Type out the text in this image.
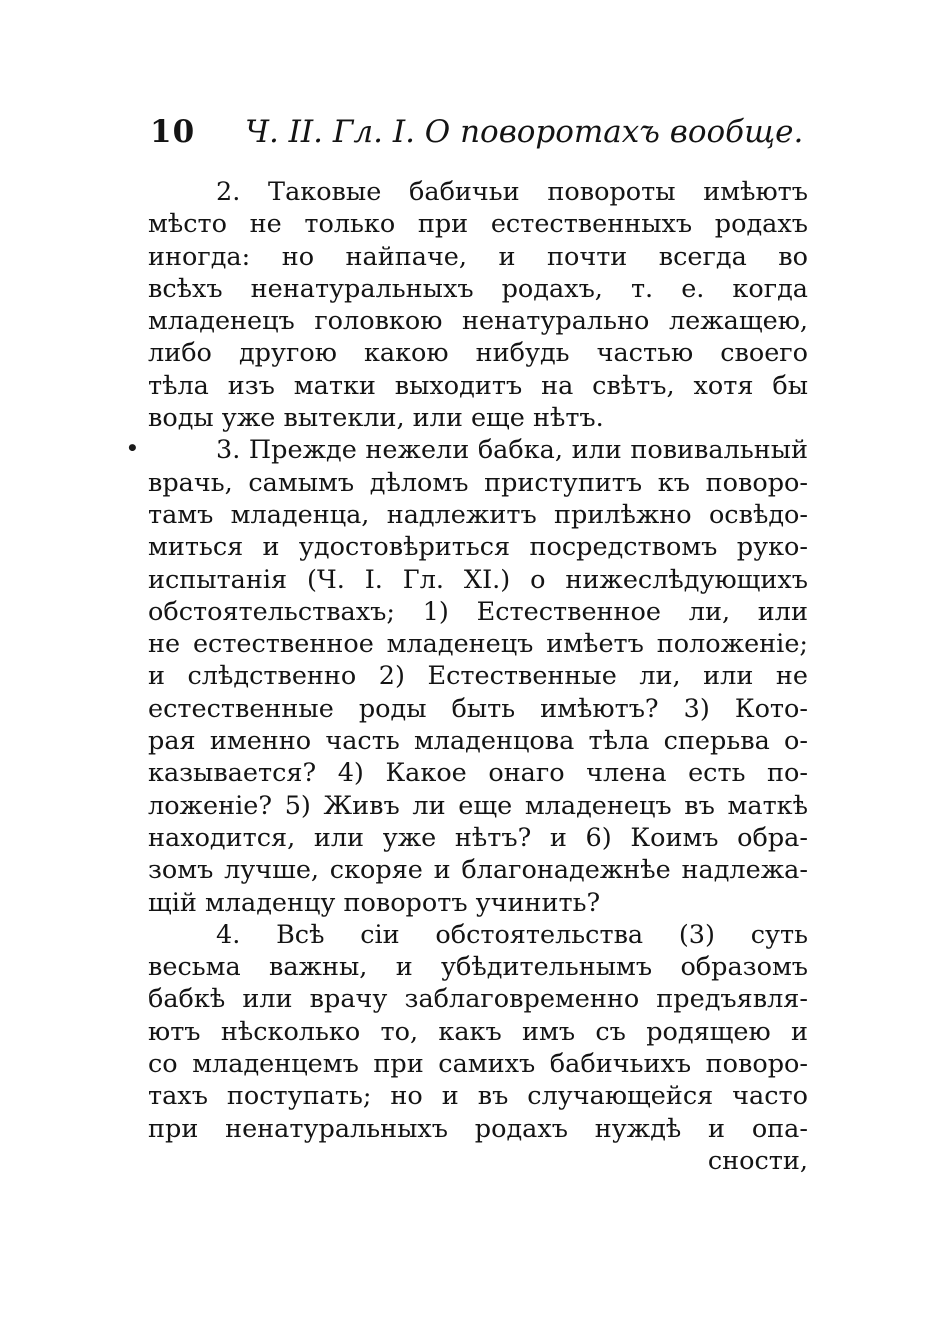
10 Ч. II. Гл. I. О поворотахъ вообще.
•
2. Таковые бабичьи повороты имѣютъ
мѣсто не только при естественныхъ родахъ
иногда: но найпаче, и почти всегда во
всѣхъ ненатуральныхъ родахъ, т. е. когда
младенецъ головкою ненатурально лежащею,
либо другою какою нибудь частью своего
тѣла изъ матки выходитъ на свѣтъ, хотя бы
воды уже вытекли, или еще нѣтъ.
3. Прежде нежели бабка, или повивальный
врачь, самымъ дѣломъ приступитъ къ поворо-
тамъ младенца, надлежитъ прилѣжно освѣдо-
миться и удостовѣриться посредствомъ руко-
испытанія (Ч. I. Гл. XI.) о нижеслѣдующихъ
обстоятельствахъ; 1) Естественное ли, или
не естественное младенецъ имѣетъ положеніе;
и слѣдственно 2) Естественные ли, или не
естественные роды быть имѣютъ? 3) Кото-
рая именно часть младенцова тѣла сперьва о-
казывается? 4) Какое онаго члена есть по-
ложеніе? 5) Живъ ли еще младенецъ въ маткѣ
находится, или уже нѣтъ? и 6) Коимъ обра-
зомъ лучше, скоряе и благонадежнѣе надлежа-
щій младенцу поворотъ учинить?
4. Всѣ сіи обстоятельства (3) суть
весьма важны, и убѣдительнымъ образомъ
бабкѣ или врачу заблаговременно предъявля-
ютъ нѣсколько то, какъ имъ съ родящею и
со младенцемъ при самихъ бабичьихъ поворо-
тахъ поступать; но и въ случающейся часто
при ненатуральныхъ родахъ нуждѣ и опа-
сности,
